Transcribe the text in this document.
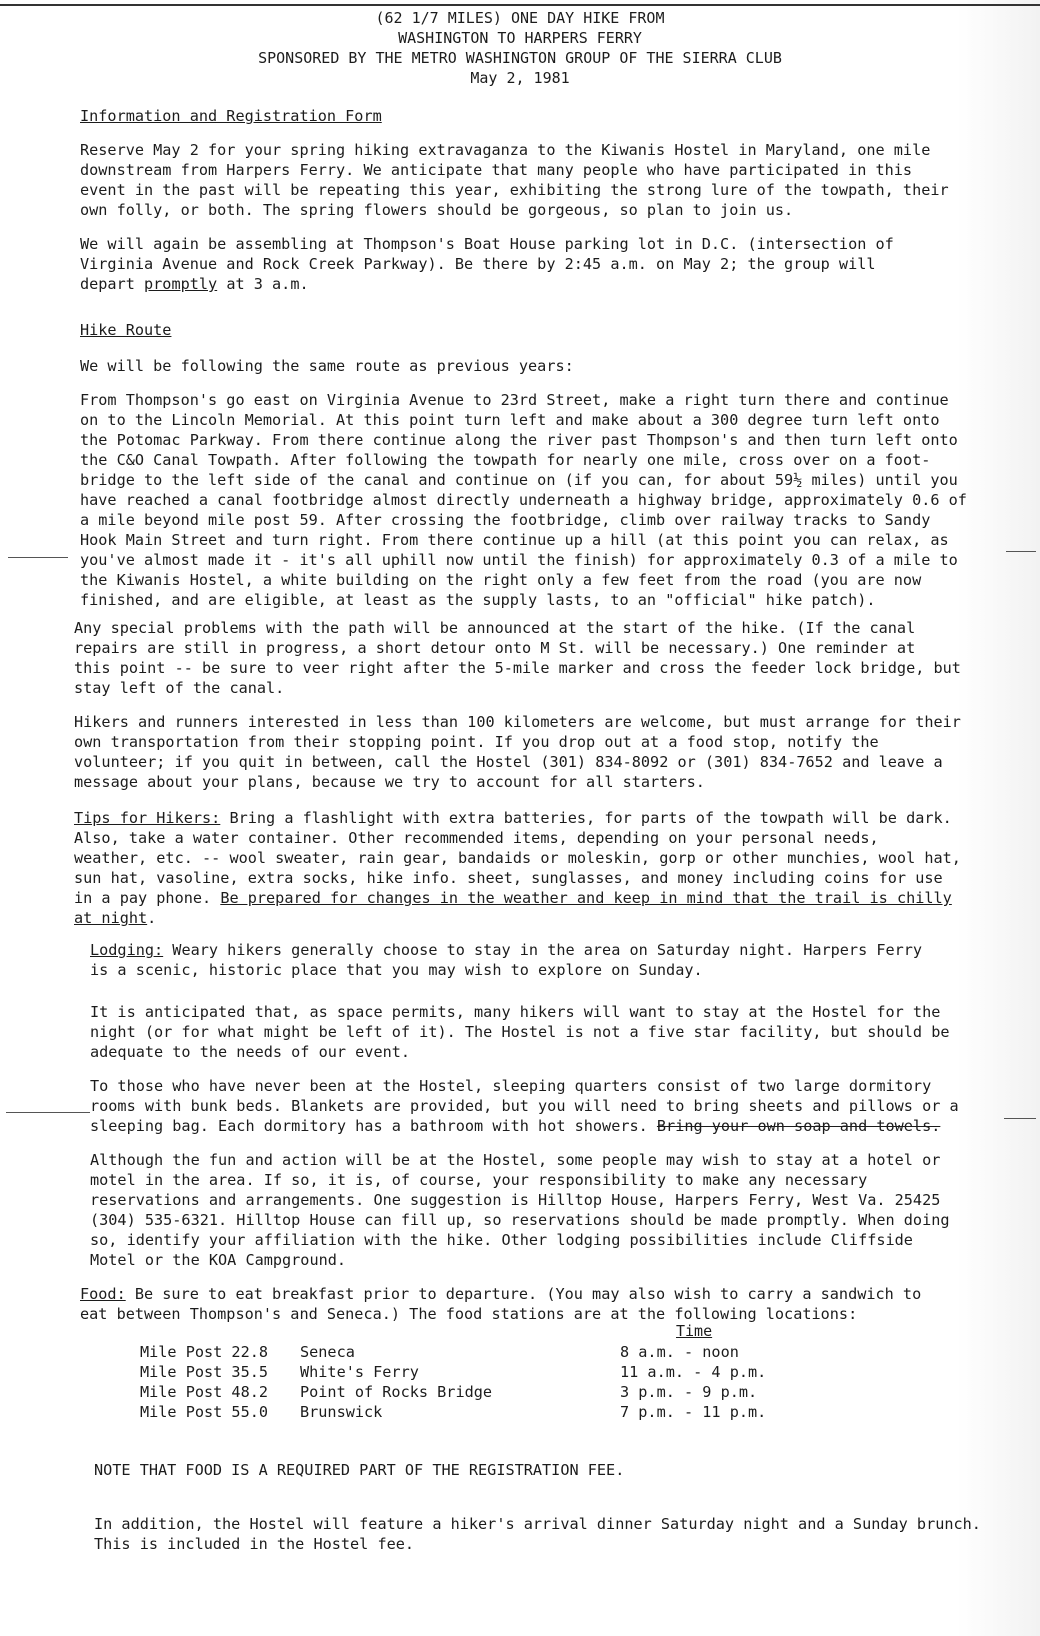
(62 1/7 MILES) ONE DAY HIKE FROM
WASHINGTON TO HARPERS FERRY
SPONSORED BY THE METRO WASHINGTON GROUP OF THE SIERRA CLUB
May 2, 1981
Information and Registration Form
Reserve May 2 for your spring hiking extravaganza to the Kiwanis Hostel in Maryland, one mile
downstream from Harpers Ferry. We anticipate that many people who have participated in this
event in the past will be repeating this year, exhibiting the strong lure of the towpath, their
own folly, or both. The spring flowers should be gorgeous, so plan to join us.
We will again be assembling at Thompson's Boat House parking lot in D.C. (intersection of
Virginia Avenue and Rock Creek Parkway). Be there by 2:45 a.m. on May 2; the group will
depart promptly at 3 a.m.
Hike Route
We will be following the same route as previous years:
From Thompson's go east on Virginia Avenue to 23rd Street, make a right turn there and continue
on to the Lincoln Memorial. At this point turn left and make about a 300 degree turn left onto
the Potomac Parkway. From there continue along the river past Thompson's and then turn left onto
the C&O Canal Towpath. After following the towpath for nearly one mile, cross over on a foot-
bridge to the left side of the canal and continue on (if you can, for about 59½ miles) until you
have reached a canal footbridge almost directly underneath a highway bridge, approximately 0.6 of
a mile beyond mile post 59. After crossing the footbridge, climb over railway tracks to Sandy
Hook Main Street and turn right. From there continue up a hill (at this point you can relax, as
you've almost made it - it's all uphill now until the finish) for approximately 0.3 of a mile to
the Kiwanis Hostel, a white building on the right only a few feet from the road (you are now
finished, and are eligible, at least as the supply lasts, to an "official" hike patch).
Any special problems with the path will be announced at the start of the hike. (If the canal
repairs are still in progress, a short detour onto M St. will be necessary.) One reminder at
this point -- be sure to veer right after the 5-mile marker and cross the feeder lock bridge, but
stay left of the canal.
Hikers and runners interested in less than 100 kilometers are welcome, but must arrange for their
own transportation from their stopping point. If you drop out at a food stop, notify the
volunteer; if you quit in between, call the Hostel (301) 834-8092 or (301) 834-7652 and leave a
message about your plans, because we try to account for all starters.
Tips for Hikers: Bring a flashlight with extra batteries, for parts of the towpath will be dark.
Also, take a water container. Other recommended items, depending on your personal needs,
weather, etc. -- wool sweater, rain gear, bandaids or moleskin, gorp or other munchies, wool hat,
sun hat, vasoline, extra socks, hike info. sheet, sunglasses, and money including coins for use
in a pay phone. Be prepared for changes in the weather and keep in mind that the trail is chilly
at night.
Lodging: Weary hikers generally choose to stay in the area on Saturday night. Harpers Ferry
is a scenic, historic place that you may wish to explore on Sunday.
It is anticipated that, as space permits, many hikers will want to stay at the Hostel for the
night (or for what might be left of it). The Hostel is not a five star facility, but should be
adequate to the needs of our event.
To those who have never been at the Hostel, sleeping quarters consist of two large dormitory
rooms with bunk beds. Blankets are provided, but you will need to bring sheets and pillows or a
sleeping bag. Each dormitory has a bathroom with hot showers. Bring your own soap and towels.
Although the fun and action will be at the Hostel, some people may wish to stay at a hotel or
motel in the area. If so, it is, of course, your responsibility to make any necessary
reservations and arrangements. One suggestion is Hilltop House, Harpers Ferry, West Va. 25425
(304) 535-6321. Hilltop House can fill up, so reservations should be made promptly. When doing
so, identify your affiliation with the hike. Other lodging possibilities include Cliffside
Motel or the KOA Campground.
Food: Be sure to eat breakfast prior to departure. (You may also wish to carry a sandwich to
eat between Thompson's and Seneca.) The food stations are at the following locations:
Time
Mile Post 22.8 Seneca	8 a.m. - noon
Mile Post 35.5 White's Ferry	11 a.m. - 4 p.m.
Mile Post 48.2 Point of Rocks Bridge	3 p.m. - 9 p.m.
Mile Post 55.0 Brunswick	7 p.m. - 11 p.m.
NOTE THAT FOOD IS A REQUIRED PART OF THE REGISTRATION FEE.
In addition, the Hostel will feature a hiker's arrival dinner Saturday night and a Sunday brunch.
This is included in the Hostel fee.
